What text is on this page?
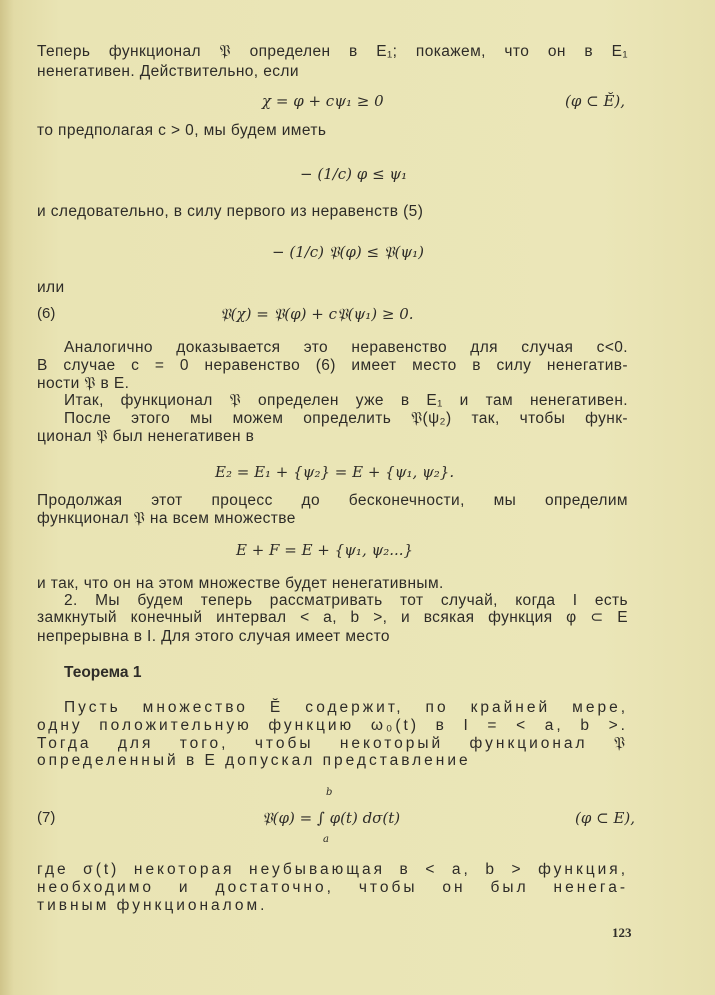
Теперь функционал 𝔓 определен в E₁; покажем, что он в E₁
ненегативен. Действительно, если
χ = φ + cψ₁ ≥ 0	(φ ⊂ Ĕ),
то предполагая c > 0, мы будем иметь
− (1/c) φ ≤ ψ₁
и следовательно, в силу первого из неравенств (5)
− (1/c) 𝔓(φ) ≤ 𝔓(ψ₁)
или
(6)	𝔓(χ) = 𝔓(φ) + c𝔓(ψ₁) ≥ 0.
Аналогично доказывается это неравенство для случая c<0.
В случае c = 0 неравенство (6) имеет место в силу ненегатив-
ности 𝔓 в E.
Итак, функционал 𝔓 определен уже в E₁ и там ненегативен.
После этого мы можем определить 𝔓(ψ₂) так, чтобы функ-
ционал 𝔓 был ненегативен в
E₂ = E₁ + {ψ₂} = E + {ψ₁, ψ₂}.
Продолжая этот процесс до бесконечности, мы определим
функционал 𝔓 на всем множестве
E + F = E + {ψ₁, ψ₂...}
и так, что он на этом множестве будет ненегативным.
2. Мы будем теперь рассматривать тот случай, когда I есть
замкнутый конечный интервал < a, b >, и всякая функция φ ⊂ E
непрерывна в I. Для этого случая имеет место
Теорема 1
Пусть множество Ĕ содержит, по крайней мере,
одну положительную функцию ω₀(t) в I = < a, b >.
Тогда для того, чтобы некоторый функционал 𝔓
определенный в E допускал представление
(7)
b
𝔓(φ) = ∫ φ(t) dσ(t)
a
(φ ⊂ E),
где σ(t) некоторая неубывающая в < a, b > функция,
необходимо и достаточно, чтобы он был ненега-
тивным функционалом.
123
